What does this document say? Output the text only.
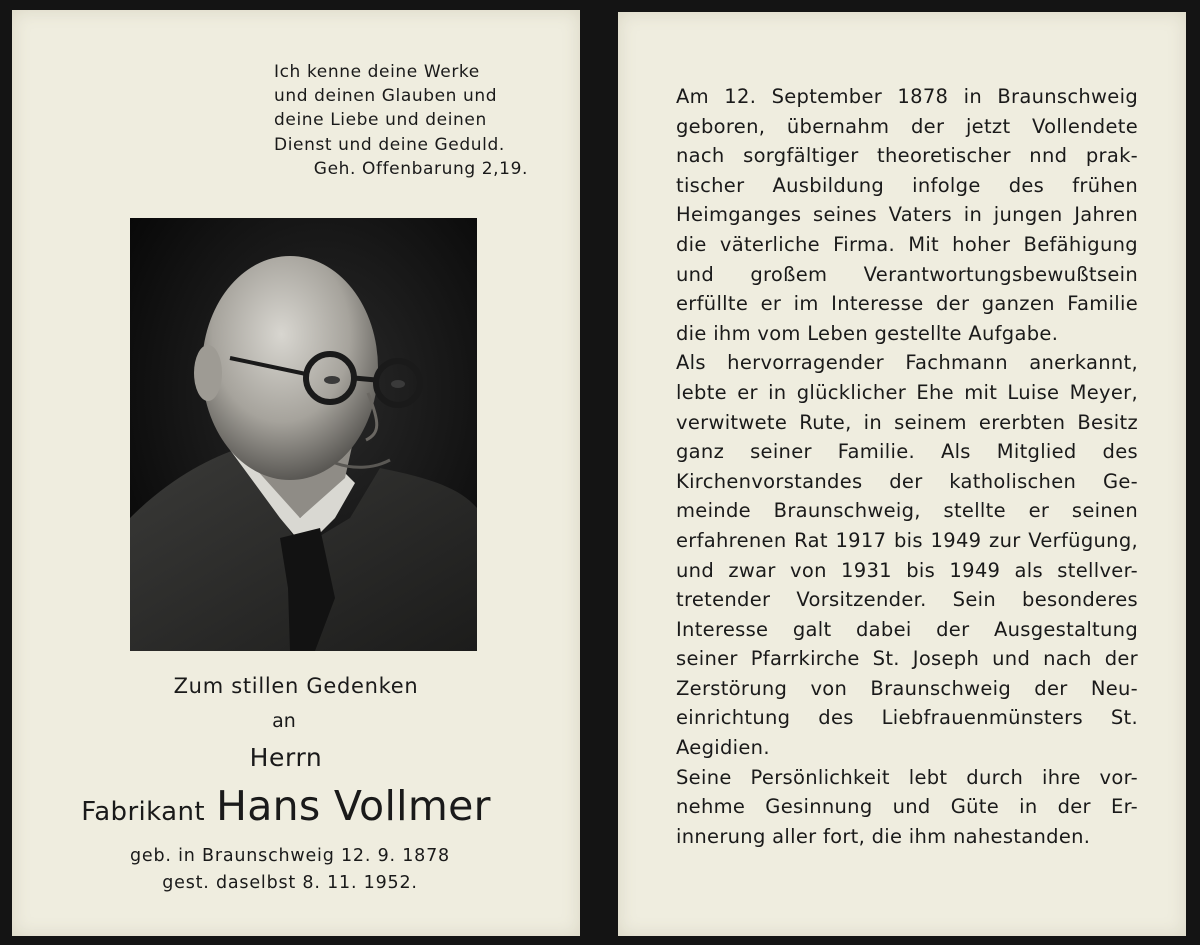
Ich kenne deine Werke
und deinen Glauben und
deine Liebe und deinen
Dienst und deine Geduld.
Geh. Offenbarung 2,19.
Zum stillen Gedenken
an
Herrn
Fabrikant Hans Vollmer
geb. in Braunschweig 12. 9. 1878
gest. daselbst 8. 11. 1952.
Am 12. September 1878 in Braunschweig
geboren, übernahm der jetzt Vollendete
nach sorgfältiger theoretischer nnd prak-
tischer Ausbildung infolge des frühen
Heimganges seines Vaters in jungen Jahren
die väterliche Firma. Mit hoher Befähigung
und großem Verantwortungsbewußtsein
erfüllte er im Interesse der ganzen Familie
die ihm vom Leben gestellte Aufgabe.
Als hervorragender Fachmann anerkannt,
lebte er in glücklicher Ehe mit Luise Meyer,
verwitwete Rute, in seinem ererbten Besitz
ganz seiner Familie. Als Mitglied des
Kirchenvorstandes der katholischen Ge-
meinde Braunschweig, stellte er seinen
erfahrenen Rat 1917 bis 1949 zur Verfügung,
und zwar von 1931 bis 1949 als stellver-
tretender Vorsitzender. Sein besonderes
Interesse galt dabei der Ausgestaltung
seiner Pfarrkirche St. Joseph und nach der
Zerstörung von Braunschweig der Neu-
einrichtung des Liebfrauenmünsters St.
Aegidien.
Seine Persönlichkeit lebt durch ihre vor-
nehme Gesinnung und Güte in der Er-
innerung aller fort, die ihm nahestanden.
